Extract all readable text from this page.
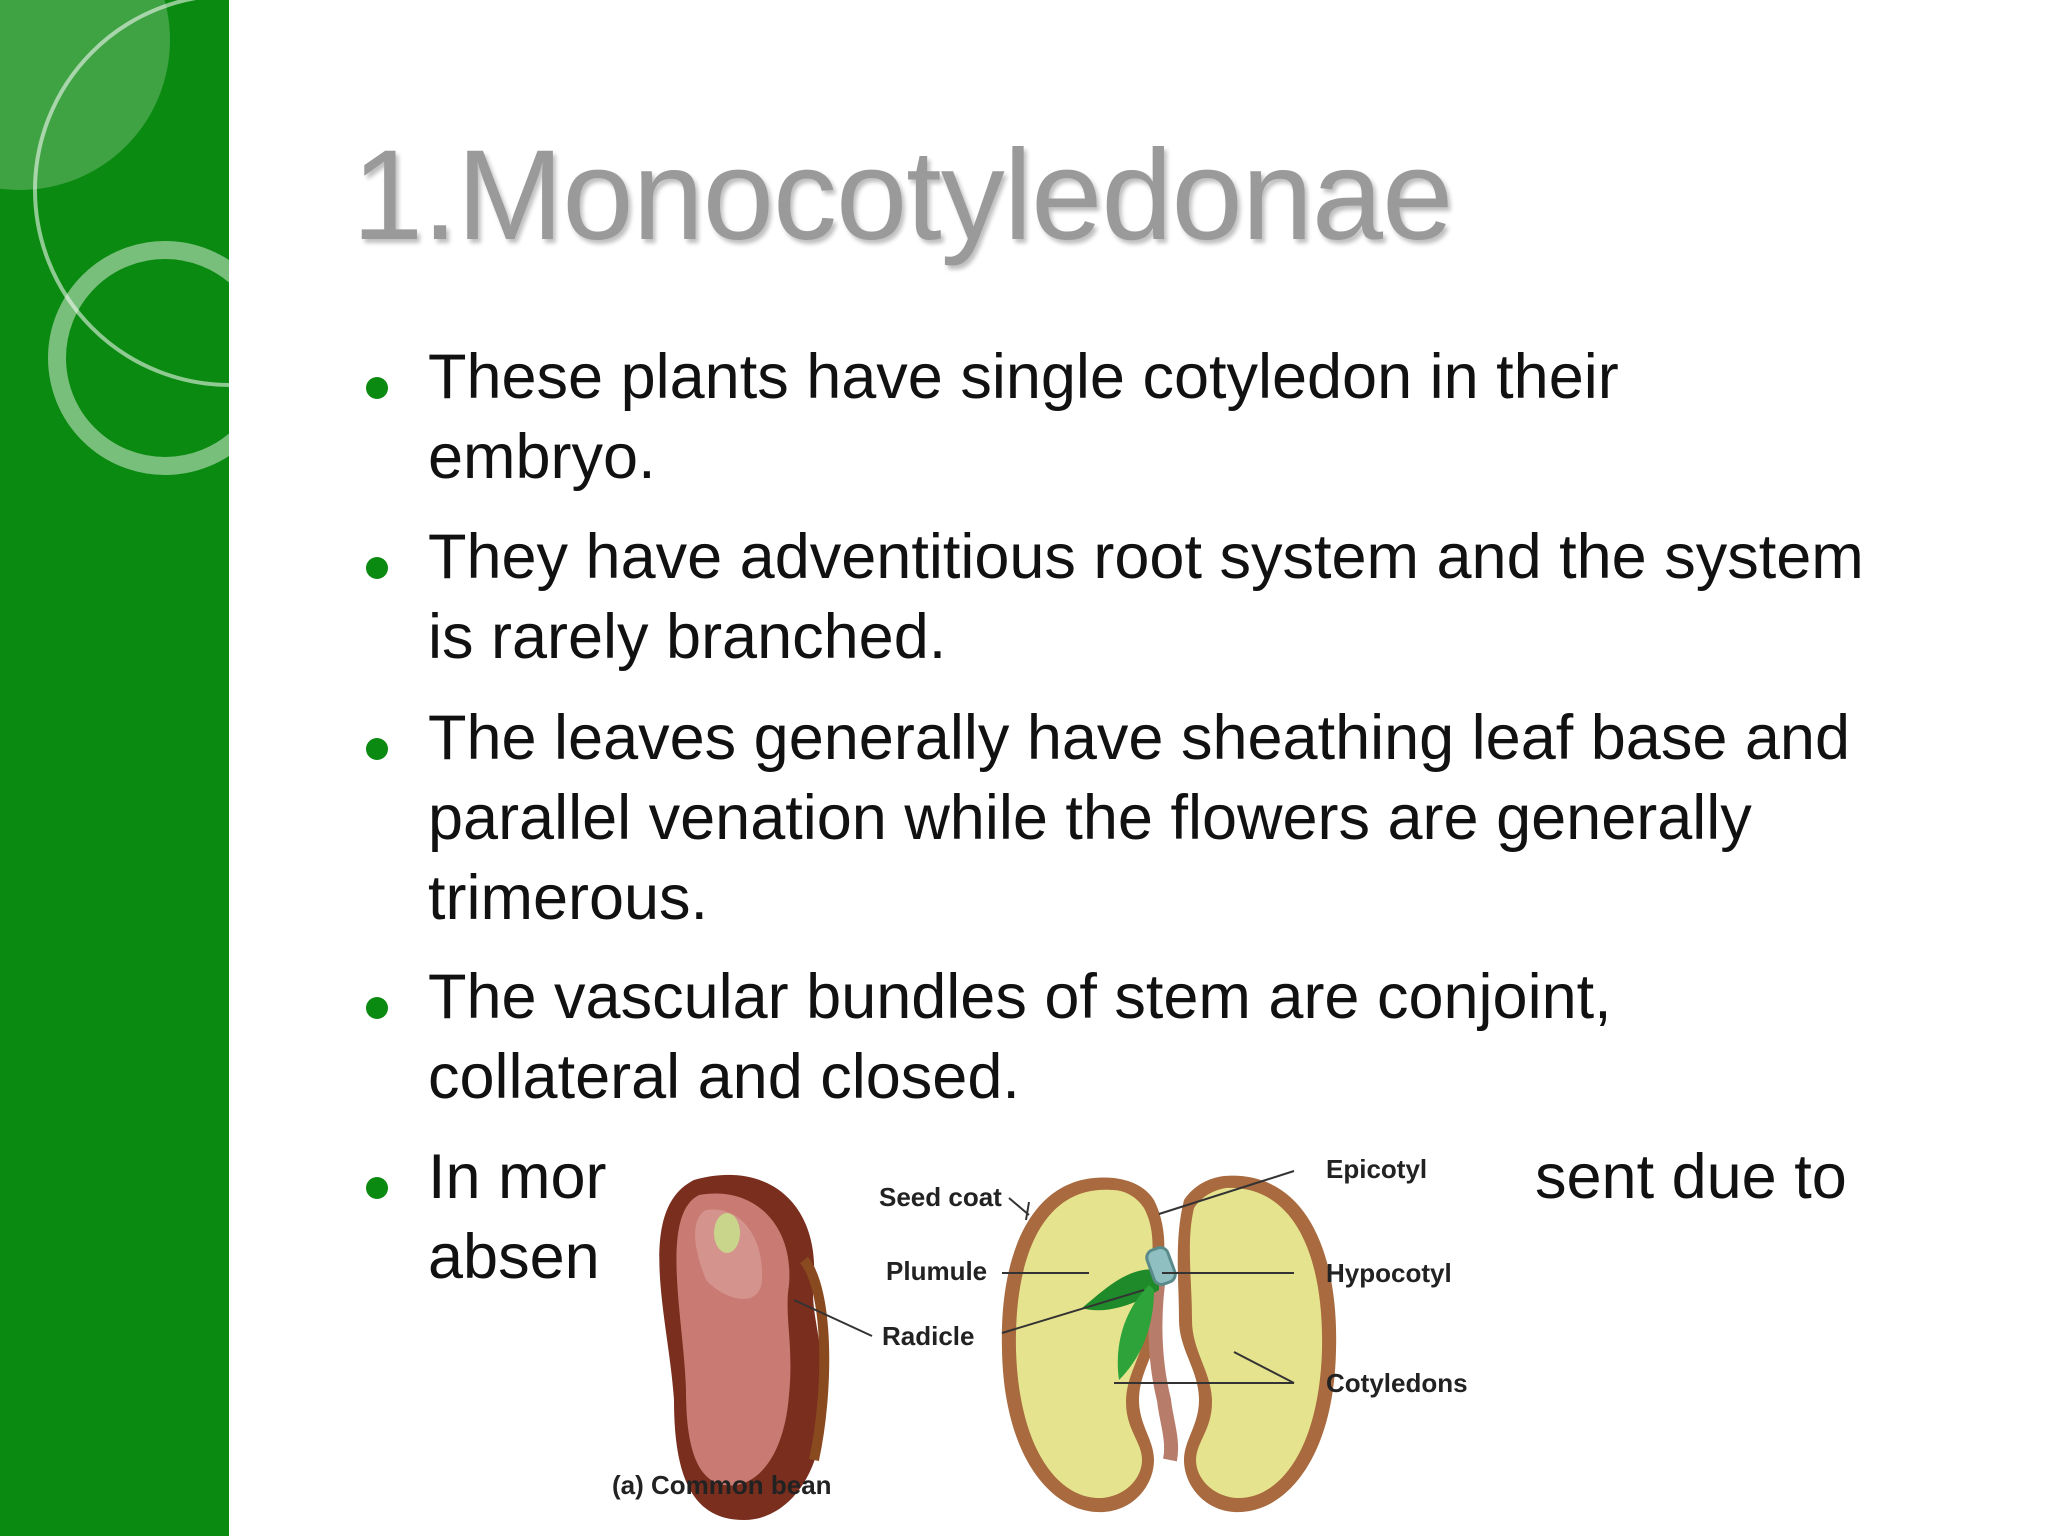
1.Monocotyledonae
These plants have single cotyledon in their
embryo.
They have adventitious root system and the system
is rarely branched.
The leaves generally have sheathing leaf base and
parallel venation while the flowers are generally
trimerous.
The vascular bundles of stem are conjoint,
collateral and closed.
In mor	sent due to
absen
Seed coat
Plumule
Radicle
Epicotyl
Hypocotyl
Cotyledons
(a) Common bean
